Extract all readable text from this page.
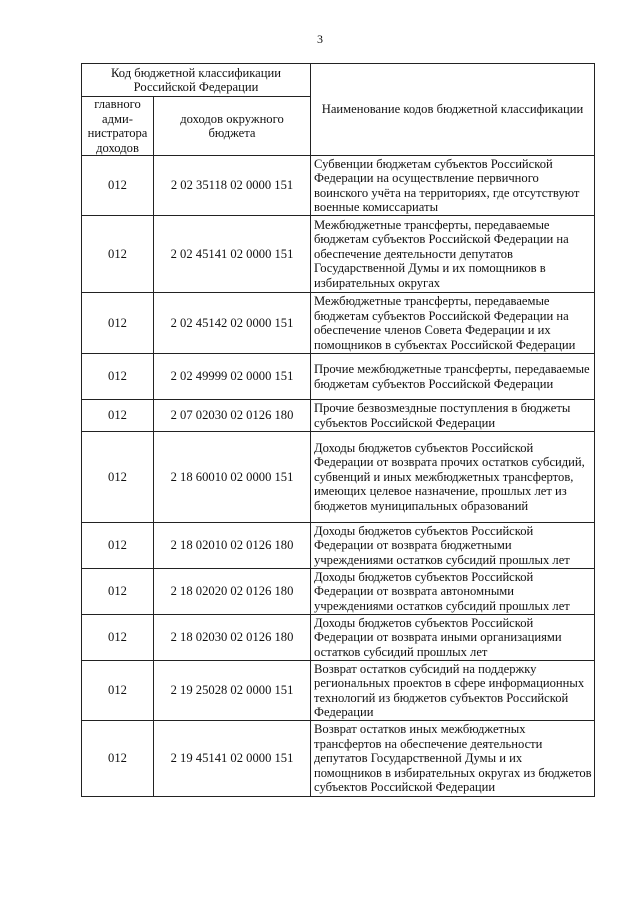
3
Код бюджетной классификации Российской Федерации		Наименование кодов бюджетной классификации
главного адми-нистратора доходов	доходов окружного бюджета	
012	2 02 35118 02 0000 151	Субвенции бюджетам субъектов Российской Федерации на осуществление первичного воинского учёта на территориях, где отсутствуют военные комиссариаты
012	2 02 45141 02 0000 151	Межбюджетные трансферты, передаваемые бюджетам субъектов Российской Федерации на обеспечение деятельности депутатов Государственной Думы и их помощников в избирательных округах
012	2 02 45142 02 0000 151	Межбюджетные трансферты, передаваемые бюджетам субъектов Российской Федерации на обеспечение членов Совета Федерации и их помощников в субъектах Российской Федерации
012	2 02 49999 02 0000 151	Прочие межбюджетные трансферты, передаваемые бюджетам субъектов Российской Федерации
012	2 07 02030 02 0126 180	Прочие безвозмездные поступления в бюджеты субъектов Российской Федерации
012	2 18 60010 02 0000 151	Доходы бюджетов субъектов Российской Федерации от возврата прочих остатков субсидий, субвенций и иных межбюджетных трансфертов, имеющих целевое назначение, прошлых лет из бюджетов муниципальных образований
012	2 18 02010 02 0126 180	Доходы бюджетов субъектов Российской Федерации от возврата бюджетными учреждениями остатков субсидий прошлых лет
012	2 18 02020 02 0126 180	Доходы бюджетов субъектов Российской Федерации от возврата автономными учреждениями остатков субсидий прошлых лет
012	2 18 02030 02 0126 180	Доходы бюджетов субъектов Российской Федерации от возврата иными организациями остатков субсидий прошлых лет
012	2 19 25028 02 0000 151	Возврат остатков субсидий на поддержку региональных проектов в сфере информационных технологий из бюджетов субъектов Российской Федерации
012	2 19 45141 02 0000 151	Возврат остатков иных межбюджетных трансфертов на обеспечение деятельности депутатов Государственной Думы и их помощников в избирательных округах из бюджетов субъектов Российской Федерации
